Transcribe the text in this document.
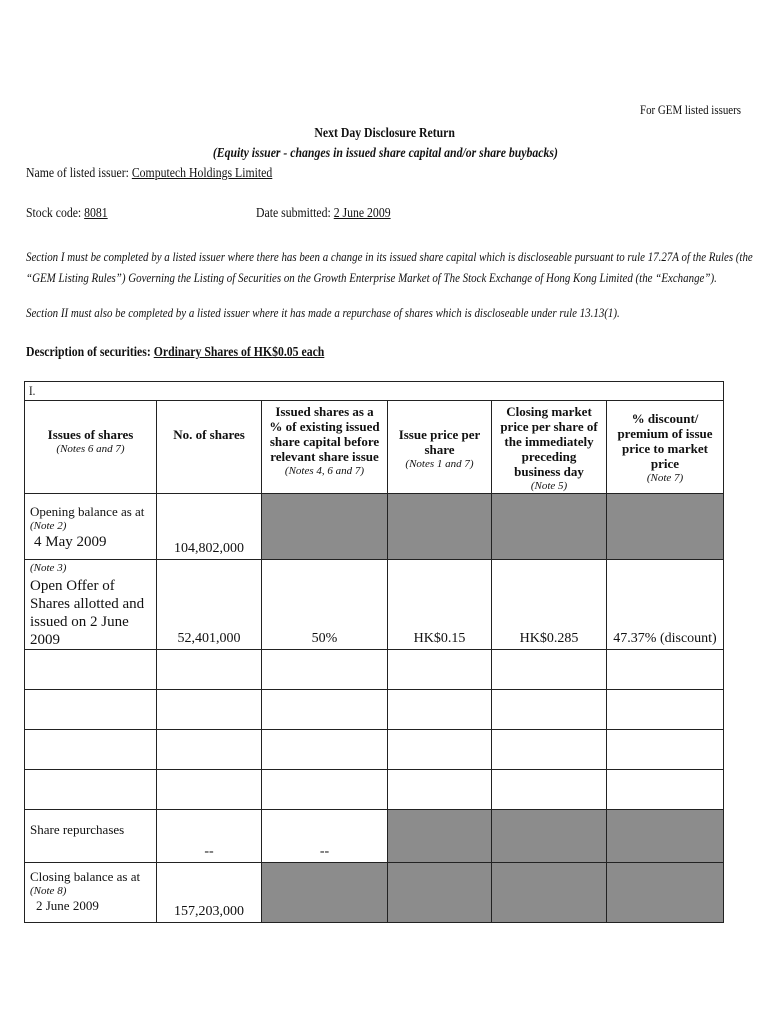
For GEM listed issuers
Next Day Disclosure Return
(Equity issuer - changes in issued share capital and/or share buybacks)
Name of listed issuer: Computech Holdings Limited
Stock code: 8081	Date submitted: 2 June 2009

Section I must be completed by a listed issuer where there has been a change in its issued share capital which is discloseable pursuant to rule 17.27A of the Rules (the

“GEM Listing Rules”) Governing the Listing of Securities on the Growth Enterprise Market of The Stock Exchange of Hong Kong Limited (the “Exchange”).

Section II must also be completed by a listed issuer where it has made a repurchase of shares which is discloseable under rule 13.13(1).
Description of securities: Ordinary Shares of HK$0.05 each
I.					

Issues of shares
(Notes 6 and 7)	No. of shares	Issued shares as a % of existing issued share capital before relevant share issue
(Notes 4, 6 and 7)	Issue price per share
(Notes 1 and 7)	Closing market price per share of the immediately preceding business day
(Note 5)	% discount/ premium of issue price to market price
(Note 7)

Opening balance as at
(Note 2)
4 May 2009	104,802,000				

(Note 3)
Open Offer of Shares allotted and issued on 2 June 2009	52,401,000	50%	HK$0.15	HK$0.285	47.37% (discount)

Share repurchases	--	--			

Closing balance as at
(Note 8)
2 June 2009	157,203,000				
